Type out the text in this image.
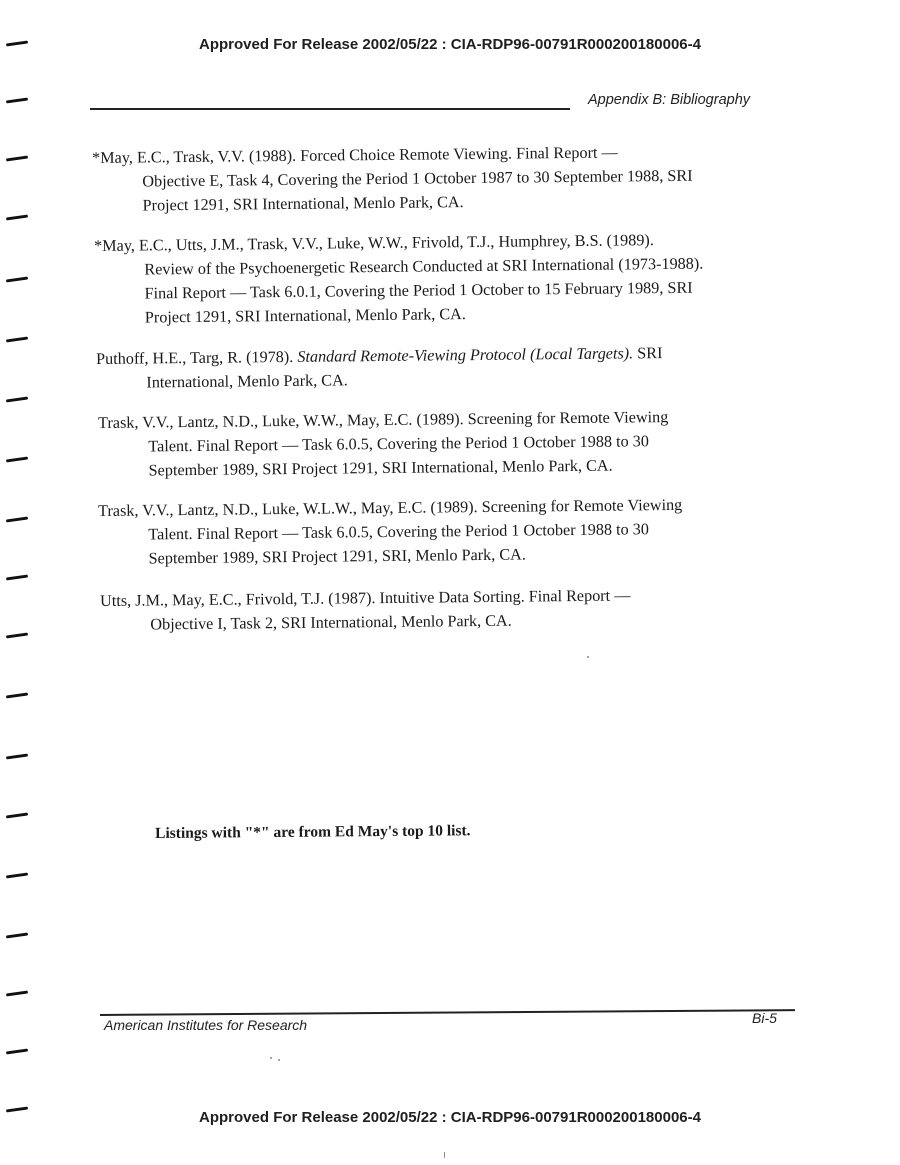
Approved For Release 2002/05/22 : CIA-RDP96-00791R000200180006-4
Appendix B: Bibliography
*May, E.C., Trask, V.V. (1988). Forced Choice Remote Viewing. Final Report —
Objective E, Task 4, Covering the Period 1 October 1987 to 30 September 1988, SRI
Project 1291, SRI International, Menlo Park, CA.
*May, E.C., Utts, J.M., Trask, V.V., Luke, W.W., Frivold, T.J., Humphrey, B.S. (1989).
Review of the Psychoenergetic Research Conducted at SRI International (1973-1988).
Final Report — Task 6.0.1, Covering the Period 1 October to 15 February 1989, SRI
Project 1291, SRI International, Menlo Park, CA.
Puthoff, H.E., Targ, R. (1978). Standard Remote-Viewing Protocol (Local Targets). SRI
International, Menlo Park, CA.
Trask, V.V., Lantz, N.D., Luke, W.W., May, E.C. (1989). Screening for Remote Viewing
Talent. Final Report — Task 6.0.5, Covering the Period 1 October 1988 to 30
September 1989, SRI Project 1291, SRI International, Menlo Park, CA.
Trask, V.V., Lantz, N.D., Luke, W.L.W., May, E.C. (1989). Screening for Remote Viewing
Talent. Final Report — Task 6.0.5, Covering the Period 1 October 1988 to 30
September 1989, SRI Project 1291, SRI, Menlo Park, CA.
Utts, J.M., May, E.C., Frivold, T.J. (1987). Intuitive Data Sorting. Final Report —
Objective I, Task 2, SRI International, Menlo Park, CA.
Listings with "*" are from Ed May's top 10 list.
American Institutes for Research	Bi-5
Approved For Release 2002/05/22 : CIA-RDP96-00791R000200180006-4
